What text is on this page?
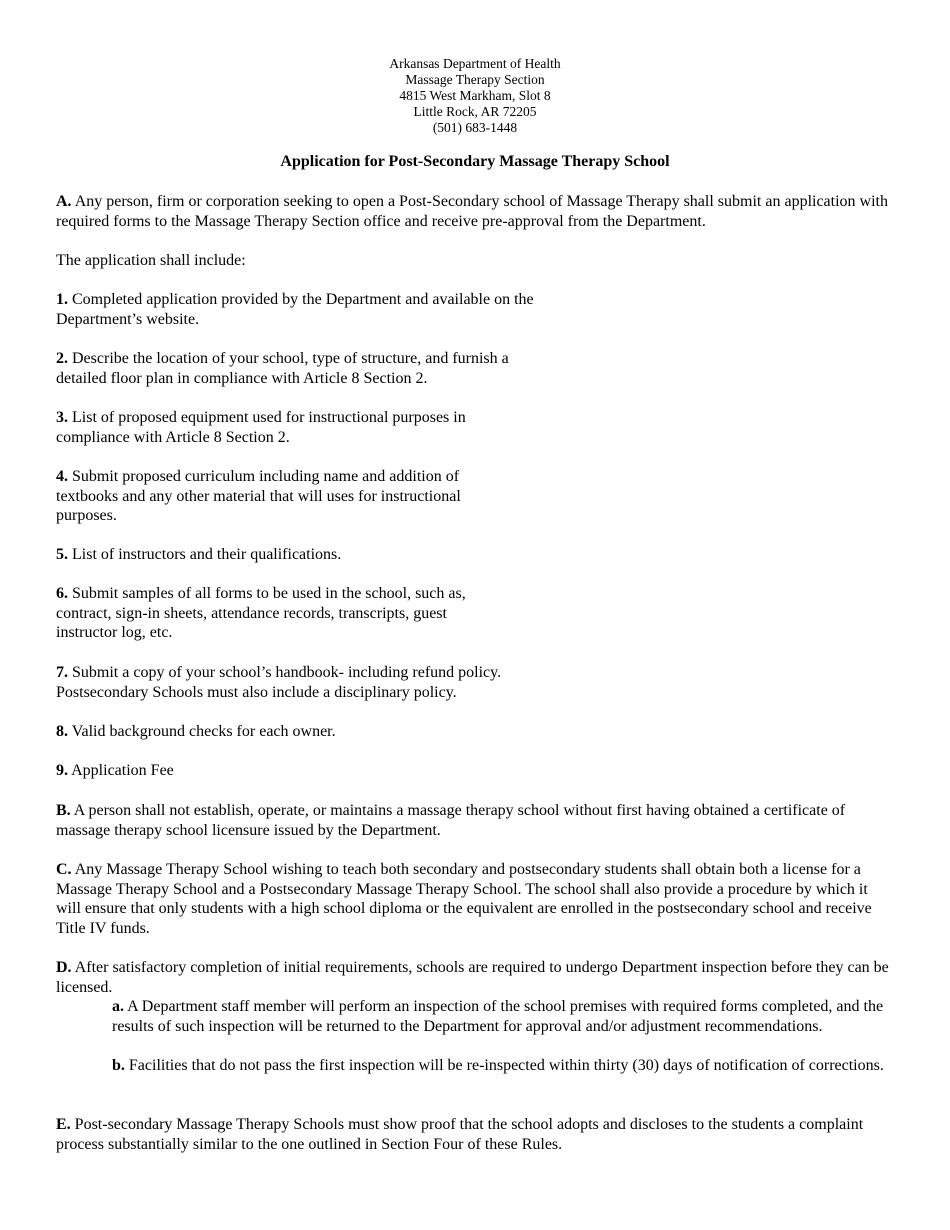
Arkansas Department of Health
Massage Therapy Section
4815 West Markham, Slot 8
Little Rock, AR 72205
(501) 683-1448
Application for Post-Secondary Massage Therapy School

A. Any person, firm or corporation seeking to open a Post-Secondary school of Massage Therapy shall submit an application with required forms to the Massage Therapy Section office and receive pre-approval from the Department.

The application shall include:

1. Completed application provided by the Department and available on the Department’s website.

2. Describe the location of your school, type of structure, and furnish a detailed floor plan in compliance with Article 8 Section 2.

3. List of proposed equipment used for instructional purposes in compliance with Article 8 Section 2.

4. Submit proposed curriculum including name and addition of textbooks and any other material that will uses for instructional purposes.

5. List of instructors and their qualifications.

6. Submit samples of all forms to be used in the school, such as, contract, sign-in sheets, attendance records, transcripts, guest instructor log, etc.

7. Submit a copy of your school’s handbook- including refund policy. Postsecondary Schools must also include a disciplinary policy.

8. Valid background checks for each owner.

9. Application Fee

B. A person shall not establish, operate, or maintains a massage therapy school without first having obtained a certificate of massage therapy school licensure issued by the Department.

C. Any Massage Therapy School wishing to teach both secondary and postsecondary students shall obtain both a license for a Massage Therapy School and a Postsecondary Massage Therapy School. The school shall also provide a procedure by which it will ensure that only students with a high school diploma or the equivalent are enrolled in the postsecondary school and receive Title IV funds.

D. After satisfactory completion of initial requirements, schools are required to undergo Department inspection before they can be licensed.

a. A Department staff member will perform an inspection of the school premises with required forms completed, and the results of such inspection will be returned to the Department for approval and/or adjustment recommendations.

b. Facilities that do not pass the first inspection will be re-inspected within thirty (30) days of notification of corrections.

E. Post-secondary Massage Therapy Schools must show proof that the school adopts and discloses to the students a complaint process substantially similar to the one outlined in Section Four of these Rules.
